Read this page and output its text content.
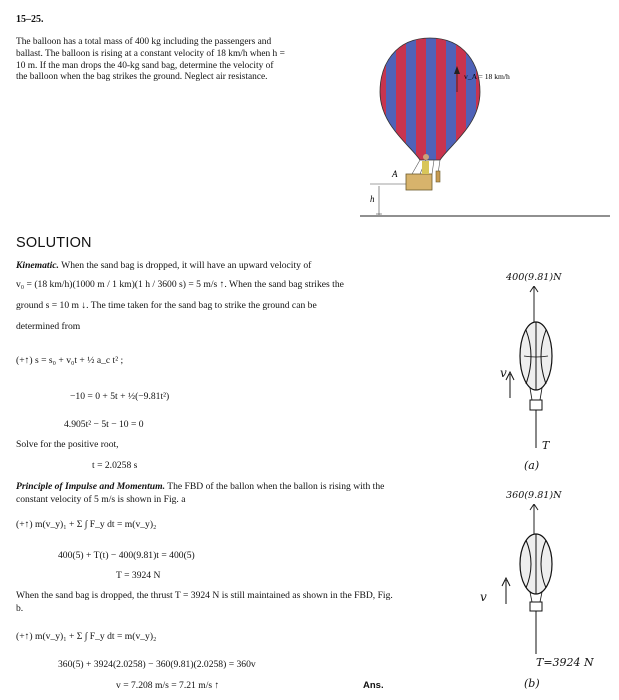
15–25.
The balloon has a total mass of 400 kg including the passengers and ballast. The balloon is rising at a constant velocity of 18 km/h when h = 10 m. If the man drops the 40-kg sand bag, determine the velocity of the balloon when the bag strikes the ground. Neglect air resistance.
A
h
v_A = 18 km/h
SOLUTION
Kinematic. When the sand bag is dropped, it will have an upward velocity of
v₀ = (18 km/h)(1000 m / 1 km)(1 h / 3600 s) = 5 m/s ↑. When the sand bag strikes the
ground s = 10 m ↓. The time taken for the sand bag to strike the ground can be
determined from
(+↑) s = s₀ + v₀t + ½ a_c t² ;
−10 = 0 + 5t + ½(−9.81t²)
4.905t² − 5t − 10 = 0
Solve for the positive root,
t = 2.0258 s
Principle of Impulse and Momentum. The FBD of the ballon when the ballon is rising with the constant velocity of 5 m/s is shown in Fig. a
(+↑) m(v_y)₁ + Σ ∫ F_y dt = m(v_y)₂
400(5) + T(t) − 400(9.81)t = 400(5)
T = 3924 N
When the sand bag is dropped, the thrust T = 3924 N is still maintained as shown in the FBD, Fig. b.
(+↑) m(v_y)₁ + Σ ∫ F_y dt = m(v_y)₂
360(5) + 3924(2.0258) − 360(9.81)(2.0258) = 360v
v = 7.208 m/s = 7.21 m/s ↑	Ans.
400(9.81)N
v
T
(a)
360(9.81)N
v
T=3924 N
(b)
